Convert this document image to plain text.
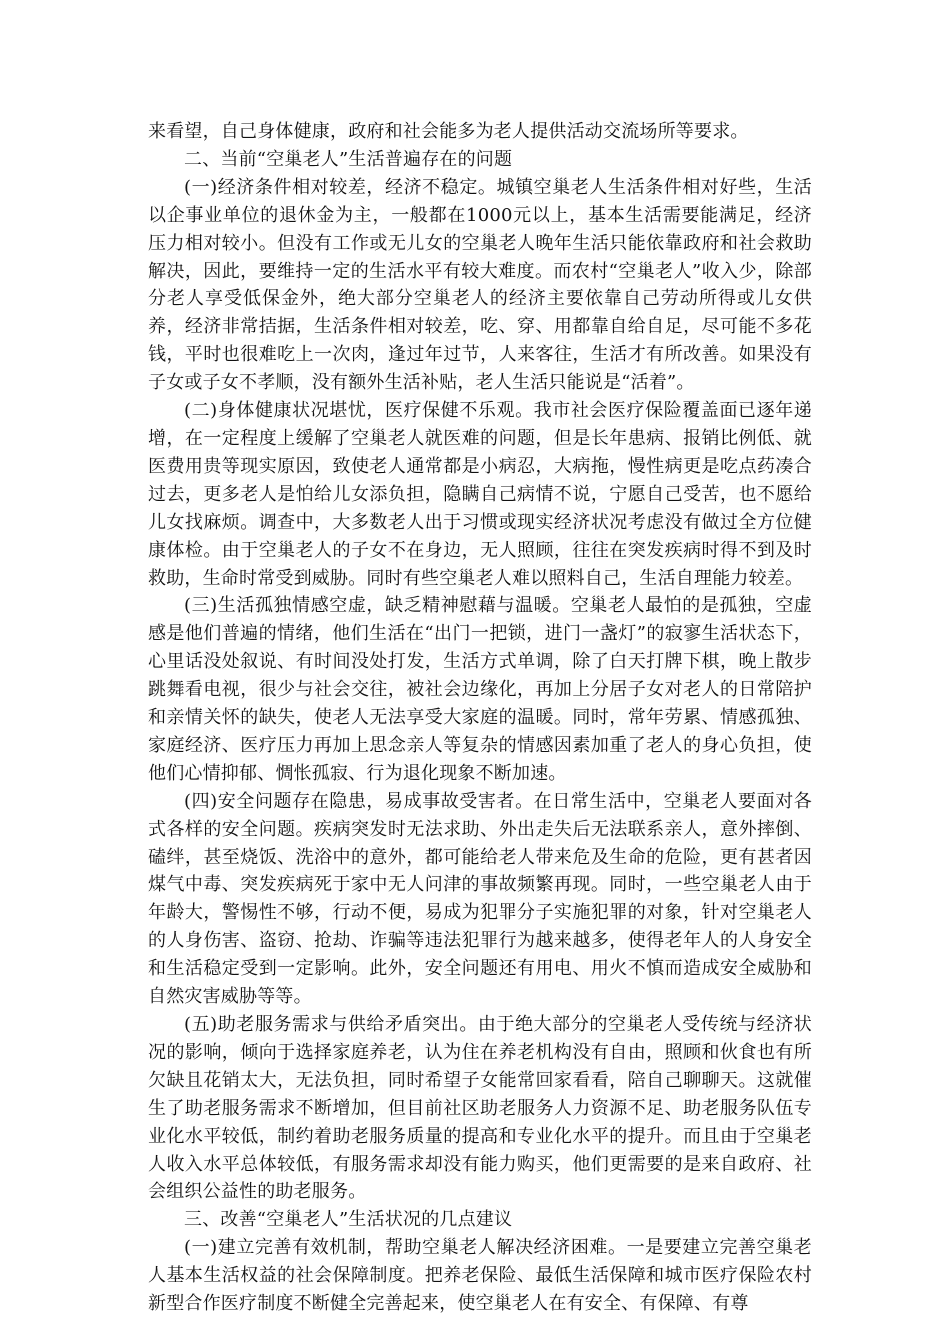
来看望，自己身体健康，政府和社会能多为老人提供活动交流场所等要求。

二、当前“空巢老人”生活普遍存在的问题

(一)经济条件相对较差，经济不稳定。城镇空巢老人生活条件相对好些，生活以企事业单位的退休金为主，一般都在1000元以上，基本生活需要能满足，经济压力相对较小。但没有工作或无儿女的空巢老人晚年生活只能依靠政府和社会救助解决，因此，要维持一定的生活水平有较大难度。而农村“空巢老人”收入少，除部分老人享受低保金外，绝大部分空巢老人的经济主要依靠自己劳动所得或儿女供养，经济非常拮据，生活条件相对较差，吃、穿、用都靠自给自足，尽可能不多花钱，平时也很难吃上一次肉，逢过年过节，人来客往，生活才有所改善。如果没有子女或子女不孝顺，没有额外生活补贴，老人生活只能说是“活着”。

(二)身体健康状况堪忧，医疗保健不乐观。我市社会医疗保险覆盖面已逐年递增，在一定程度上缓解了空巢老人就医难的问题，但是长年患病、报销比例低、就医费用贵等现实原因，致使老人通常都是小病忍，大病拖，慢性病更是吃点药凑合过去，更多老人是怕给儿女添负担，隐瞒自己病情不说，宁愿自己受苦，也不愿给儿女找麻烦。调查中，大多数老人出于习惯或现实经济状况考虑没有做过全方位健康体检。由于空巢老人的子女不在身边，无人照顾，往往在突发疾病时得不到及时救助，生命时常受到威胁。同时有些空巢老人难以照料自己，生活自理能力较差。

(三)生活孤独情感空虚，缺乏精神慰藉与温暖。空巢老人最怕的是孤独，空虚感是他们普遍的情绪，他们生活在“出门一把锁，进门一盏灯”的寂寥生活状态下，心里话没处叙说、有时间没处打发，生活方式单调，除了白天打牌下棋，晚上散步跳舞看电视，很少与社会交往，被社会边缘化，再加上分居子女对老人的日常陪护和亲情关怀的缺失，使老人无法享受大家庭的温暖。同时，常年劳累、情感孤独、家庭经济、医疗压力再加上思念亲人等复杂的情感因素加重了老人的身心负担，使他们心情抑郁、惆怅孤寂、行为退化现象不断加速。

(四)安全问题存在隐患，易成事故受害者。在日常生活中，空巢老人要面对各式各样的安全问题。疾病突发时无法求助、外出走失后无法联系亲人，意外摔倒、磕绊，甚至烧饭、洗浴中的意外，都可能给老人带来危及生命的危险，更有甚者因煤气中毒、突发疾病死于家中无人问津的事故频繁再现。同时，一些空巢老人由于年龄大，警惕性不够，行动不便，易成为犯罪分子实施犯罪的对象，针对空巢老人的人身伤害、盗窃、抢劫、诈骗等违法犯罪行为越来越多，使得老年人的人身安全和生活稳定受到一定影响。此外，安全问题还有用电、用火不慎而造成安全威胁和自然灾害威胁等等。

(五)助老服务需求与供给矛盾突出。由于绝大部分的空巢老人受传统与经济状况的影响，倾向于选择家庭养老，认为住在养老机构没有自由，照顾和伙食也有所欠缺且花销太大，无法负担，同时希望子女能常回家看看，陪自己聊聊天。这就催生了助老服务需求不断增加，但目前社区助老服务人力资源不足、助老服务队伍专业化水平较低，制约着助老服务质量的提高和专业化水平的提升。而且由于空巢老人收入水平总体较低，有服务需求却没有能力购买，他们更需要的是来自政府、社会组织公益性的助老服务。

三、改善“空巢老人”生活状况的几点建议

(一)建立完善有效机制，帮助空巢老人解决经济困难。一是要建立完善空巢老人基本生活权益的社会保障制度。把养老保险、最低生活保障和城市医疗保险农村新型合作医疗制度不断健全完善起来，使空巢老人在有安全、有保障、有尊
